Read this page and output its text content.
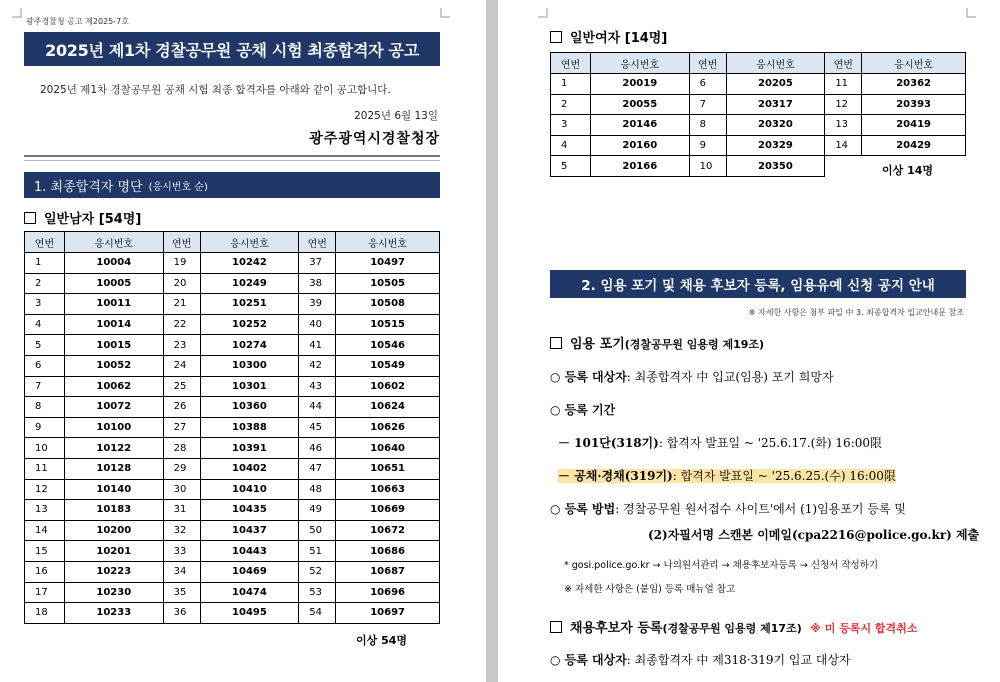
광주경찰청 공고 제2025-7호
2025년 제1차 경찰공무원 공채 시험 최종합격자 공고
2025년 제1차 경찰공무원 공채 시험 최종 합격자를 아래와 같이 공고합니다.
2025년 6월 13일
광주광역시경찰청장
1. 최종합격자 명단 (응시번호 순)
일반남자 [54명]
연번	응시번호	연번	응시번호	연번	응시번호
1	10004	19	10242	37	10497
2	10005	20	10249	38	10505
3	10011	21	10251	39	10508
4	10014	22	10252	40	10515
5	10015	23	10274	41	10546
6	10052	24	10300	42	10549
7	10062	25	10301	43	10602
8	10072	26	10360	44	10624
9	10100	27	10388	45	10626
10	10122	28	10391	46	10640
11	10128	29	10402	47	10651
12	10140	30	10410	48	10663
13	10183	31	10435	49	10669
14	10200	32	10437	50	10672
15	10201	33	10443	51	10686
16	10223	34	10469	52	10687
17	10230	35	10474	53	10696
18	10233	36	10495	54	10697
이상 54명
일반여자 [14명]
연번	응시번호	연번	응시번호	연번	응시번호
1	20019	6	20205	11	20362
2	20055	7	20317	12	20393
3	20146	8	20320	13	20419
4	20160	9	20329	14	20429
5	20166	10	20350			이상 14명
2. 임용 포기 및 채용 후보자 등록, 임용유예 신청 공지 안내
※ 자세한 사항은 첨부 파일 中 3. 최종합격자 입교안내문 참조
임용 포기(경찰공무원 임용령 제19조)
○ 등록 대상자: 최종합격자 中 입교(임용) 포기 희망자
○ 등록 기간
－ 101단(318기): 합격자 발표일 ~ '25.6.17.(화) 16:00限
－ 공채·경채(319기): 합격자 발표일 ~ '25.6.25.(수) 16:00限
○ 등록 방법: 경찰공무원 원서접수 사이트'에서 (1)임용포기 등록 및
(2)자필서명 스캔본 이메일(cpa2216@police.go.kr) 제출
* gosi.police.go.kr → 나의원서관리 → 채용후보자등록 → 신청서 작성하기
※ 자세한 사항은 (붙임) 등록 매뉴얼 참고
채용후보자 등록(경찰공무원 임용령 제17조) ※ 미 등록시 합격취소
○ 등록 대상자: 최종합격자 中 제318·319기 입교 대상자
